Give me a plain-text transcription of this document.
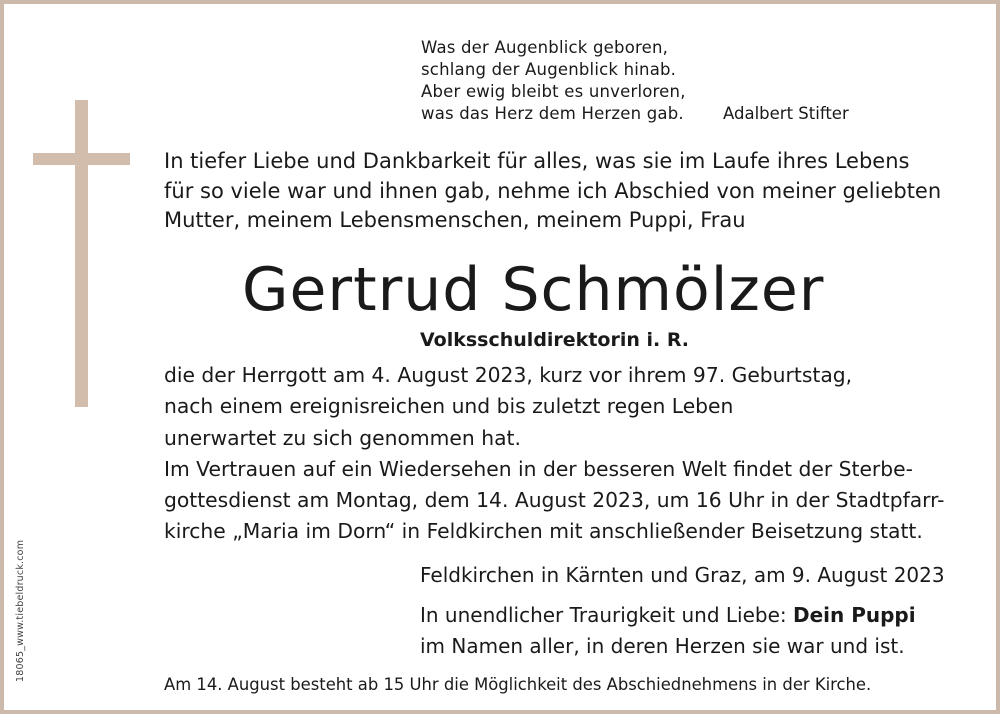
Was der Augenblick geboren,
schlang der Augenblick hinab.
Aber ewig bleibt es unverloren,
was das Herz dem Herzen gab. Adalbert Stifter
In tiefer Liebe und Dankbarkeit für alles, was sie im Laufe ihres Lebens
für so viele war und ihnen gab, nehme ich Abschied von meiner geliebten
Mutter, meinem Lebensmenschen, meinem Puppi, Frau
Gertrud Schmölzer
Volksschuldirektorin i. R.
die der Herrgott am 4. August 2023, kurz vor ihrem 97. Geburtstag,
nach einem ereignisreichen und bis zuletzt regen Leben
unerwartet zu sich genommen hat.
Im Vertrauen auf ein Wiedersehen in der besseren Welt findet der Sterbe-
gottesdienst am Montag, dem 14. August 2023, um 16 Uhr in der Stadtpfarr-
kirche „Maria im Dorn“ in Feldkirchen mit anschließender Beisetzung statt.
Feldkirchen in Kärnten und Graz, am 9. August 2023
In unendlicher Traurigkeit und Liebe: Dein Puppi
im Namen aller, in deren Herzen sie war und ist.
Am 14. August besteht ab 15 Uhr die Möglichkeit des Abschiednehmens in der Kirche.
18065_www.tiebeldruck.com
